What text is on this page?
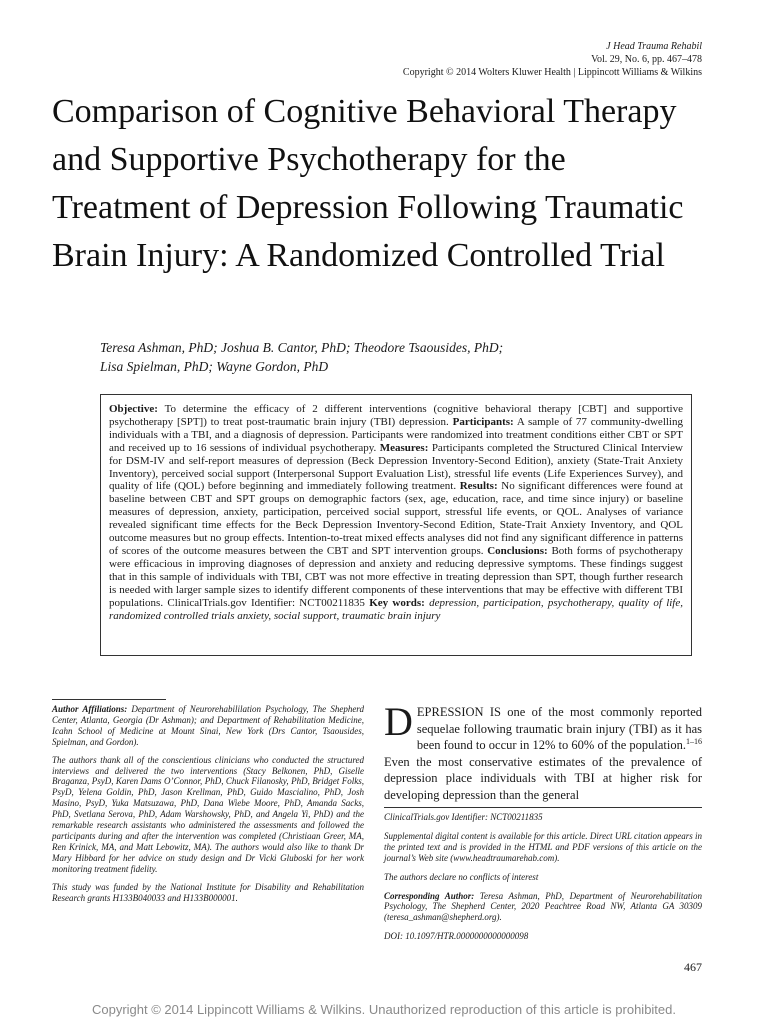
J Head Trauma Rehabil
Vol. 29, No. 6, pp. 467–478
Copyright © 2014 Wolters Kluwer Health | Lippincott Williams & Wilkins
Comparison of Cognitive Behavioral Therapy and Supportive Psychotherapy for the Treatment of Depression Following Traumatic Brain Injury: A Randomized Controlled Trial
Teresa Ashman, PhD; Joshua B. Cantor, PhD; Theodore Tsaousides, PhD;
Lisa Spielman, PhD; Wayne Gordon, PhD
Objective: To determine the efficacy of 2 different interventions (cognitive behavioral therapy [CBT] and supportive psychotherapy [SPT]) to treat post-traumatic brain injury (TBI) depression. Participants: A sample of 77 community-dwelling individuals with a TBI, and a diagnosis of depression. Participants were randomized into treatment conditions either CBT or SPT and received up to 16 sessions of individual psychotherapy. Measures: Participants completed the Structured Clinical Interview for DSM-IV and self-report measures of depression (Beck Depression Inventory-Second Edition), anxiety (State-Trait Anxiety Inventory), perceived social support (Interpersonal Support Evaluation List), stressful life events (Life Experiences Survey), and quality of life (QOL) before beginning and immediately following treatment. Results: No significant differences were found at baseline between CBT and SPT groups on demographic factors (sex, age, education, race, and time since injury) or baseline measures of depression, anxiety, participation, perceived social support, stressful life events, or QOL. Analyses of variance revealed significant time effects for the Beck Depression Inventory-Second Edition, State-Trait Anxiety Inventory, and QOL outcome measures but no group effects. Intention-to-treat mixed effects analyses did not find any significant difference in patterns of scores of the outcome measures between the CBT and SPT intervention groups. Conclusions: Both forms of psychotherapy were efficacious in improving diagnoses of depression and anxiety and reducing depressive symptoms. These findings suggest that in this sample of individuals with TBI, CBT was not more effective in treating depression than SPT, though further research is needed with larger sample sizes to identify different components of these interventions that may be effective with different TBI populations. ClinicalTrials.gov Identifier: NCT00211835 Key words: depression, participation, psychotherapy, quality of life, randomized controlled trials anxiety, social support, traumatic brain injury

Author Affiliations: Department of Neurorehabililation Psychology, The Shepherd Center, Atlanta, Georgia (Dr Ashman); and Department of Rehabilitation Medicine, Icahn School of Medicine at Mount Sinai, New York (Drs Cantor, Tsaousides, Spielman, and Gordon).

The authors thank all of the conscientious clinicians who conducted the structured interviews and delivered the two interventions (Stacy Belkonen, PhD, Giselle Braganza, PsyD, Karen Dams O’Connor, PhD, Chuck Filanosky, PhD, Bridget Folks, PsyD, Yelena Goldin, PhD, Jason Krellman, PhD, Guido Mascialino, PhD, Josh Masino, PsyD, Yuka Matsuzawa, PhD, Dana Wiebe Moore, PhD, Amanda Sacks, PhD, Svetlana Serova, PhD, Adam Warshowsky, PhD, and Angela Yi, PhD) and the remarkable research assistants who administered the assessments and followed the participants during and after the intervention was completed (Christiaan Greer, MA, Ren Krinick, MA, and Matt Lebowitz, MA). The authors would also like to thank Dr Mary Hibbard for her advice on study design and Dr Vicki Gluboski for her work monitoring treatment fidelity.

This study was funded by the National Institute for Disability and Rehabilitation Research grants H133B040033 and H133B000001.

DEPRESSION IS one of the most commonly reported sequelae following traumatic brain injury (TBI) as it has been found to occur in 12% to 60% of the population.$^{1-16}$ Even the most conservative estimates of the prevalence of depression place individuals with TBI at higher risk for developing depression than the general

ClinicalTrials.gov Identifier: NCT00211835

Supplemental digital content is available for this article. Direct URL citation appears in the printed text and is provided in the HTML and PDF versions of this article on the journal’s Web site (www.headtraumarehab.com).

The authors declare no conflicts of interest

Corresponding Author: Teresa Ashman, PhD, Department of Neurorehabilitation Psychology, The Shepherd Center, 2020 Peachtree Road NW, Atlanta GA 30309 (teresa_ashman@shepherd.org).

DOI: 10.1097/HTR.0000000000000098

467
Copyright © 2014 Lippincott Williams & Wilkins. Unauthorized reproduction of this article is prohibited.
